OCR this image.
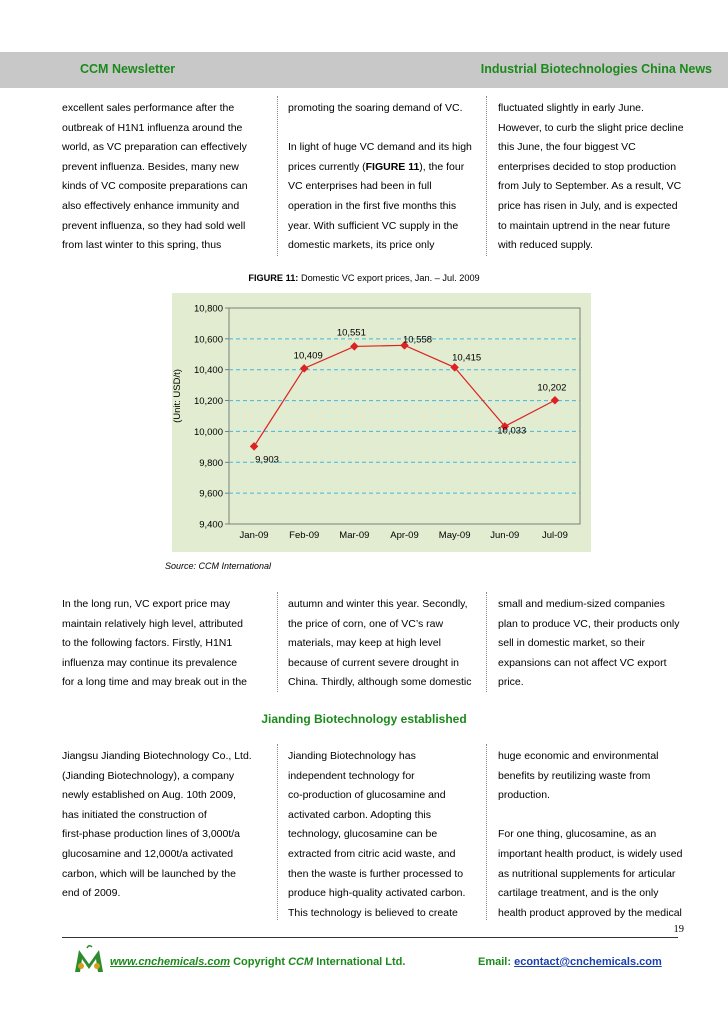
CCM Newsletter	Industrial Biotechnologies China News

excellent sales performance after the

outbreak of H1N1 influenza around the

world, as VC preparation can effectively

prevent influenza. Besides, many new

kinds of VC composite preparations can

also effectively enhance immunity and

prevent influenza, so they had sold well

from last winter to this spring, thus

promoting the soaring demand of VC.

In light of huge VC demand and its high

prices currently (FIGURE 11), the four

VC enterprises had been in full

operation in the first five months this

year. With sufficient VC supply in the

domestic markets, its price only

fluctuated slightly in early June.

However, to curb the slight price decline

this June, the four biggest VC

enterprises decided to stop production

from July to September. As a result, VC

price has risen in July, and is expected

to maintain uptrend in the near future

with reduced supply.

FIGURE 11: Domestic VC export prices, Jan. – Jul. 2009
10,800
10,600
10,400
10,200
10,000
9,800
9,600
9,400
Jan-09 Feb-09 Mar-09 Apr-09 May-09 Jun-09 Jul-09
(Unit: USD/t)
9,903
10,409
10,551
10,558
10,415
10,033
10,202
Source: CCM International

In the long run, VC export price may

maintain relatively high level, attributed

to the following factors. Firstly, H1N1

influenza may continue its prevalence

for a long time and may break out in the

autumn and winter this year. Secondly,

the price of corn, one of VC’s raw

materials, may keep at high level

because of current severe drought in

China. Thirdly, although some domestic

small and medium-sized companies

plan to produce VC, their products only

sell in domestic market, so their

expansions can not affect VC export

price.

Jianding Biotechnology established

Jiangsu Jianding Biotechnology Co., Ltd.

(Jianding Biotechnology), a company

newly established on Aug. 10th 2009,

has initiated the construction of

first-phase production lines of 3,000t/a

glucosamine and 12,000t/a activated

carbon, which will be launched by the

end of 2009.

Jianding Biotechnology has

independent technology for

co-production of glucosamine and

activated carbon. Adopting this

technology, glucosamine can be

extracted from citric acid waste, and

then the waste is further processed to

produce high-quality activated carbon.

This technology is believed to create

huge economic and environmental

benefits by reutilizing waste from

production.

For one thing, glucosamine, as an

important health product, is widely used

as nutritional supplements for articular

cartilage treatment, and is the only

health product approved by the medical

19
www.cnchemicals.com Copyright CCM International Ltd.	Email: econtact@cnchemicals.com
